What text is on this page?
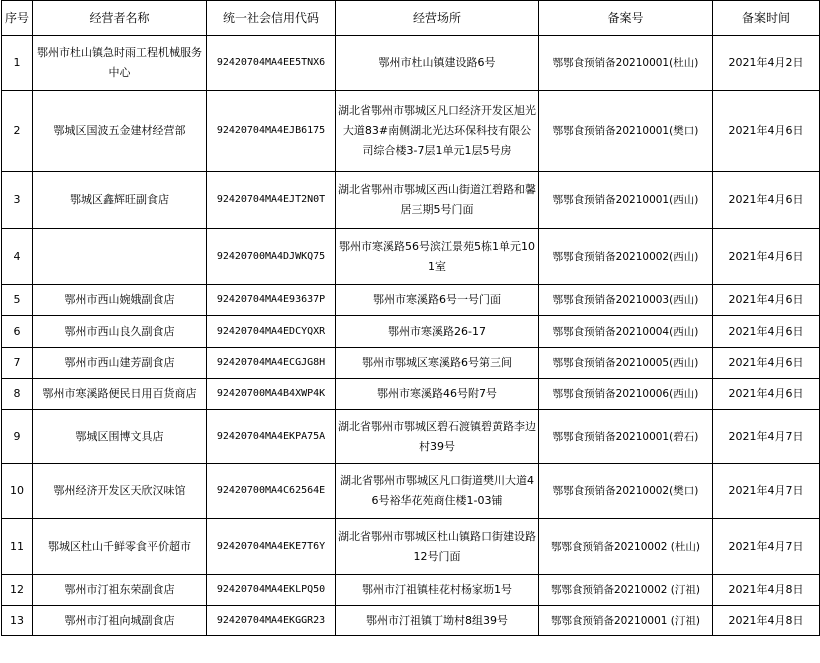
序号	经营者名称	统一社会信用代码	经营场所	备案号	备案时间
1	鄂州市杜山镇急时雨工程机械服务中心	92420704MA4EE5TNX6	鄂州市杜山镇建设路6号	鄂鄂食预销备20210001(杜山)	2021年4月2日
2	鄂城区国波五金建材经营部	92420704MA4EJB6175	湖北省鄂州市鄂城区凡口经济开发区旭光大道83#南侧湖北光达环保科技有限公司综合楼3-7层1单元1层5号房	鄂鄂食预销备20210001(樊口)	2021年4月6日
3	鄂城区鑫辉旺副食店	92420704MA4EJT2N0T	湖北省鄂州市鄂城区西山街道江碧路和馨居三期5号门面	鄂鄂食预销备20210001(西山)	2021年4月6日
4		92420700MA4DJWKQ75	鄂州市寒溪路56号滨江景苑5栋1单元101室	鄂鄂食预销备20210002(西山)	2021年4月6日
5	鄂州市西山婉娥副食店	92420704MA4E93637P	鄂州市寒溪路6号一号门面	鄂鄂食预销备20210003(西山)	2021年4月6日
6	鄂州市西山良久副食店	92420704MA4EDCYQXR	鄂州市寒溪路26-17	鄂鄂食预销备20210004(西山)	2021年4月6日
7	鄂州市西山建芳副食店	92420704MA4ECGJG8H	鄂州市鄂城区寒溪路6号第三间	鄂鄂食预销备20210005(西山)	2021年4月6日
8	鄂州市寒溪路便民日用百货商店	92420700MA4B4XWP4K	鄂州市寒溪路46号附7号	鄂鄂食预销备20210006(西山)	2021年4月6日
9	鄂城区围博文具店	92420704MA4EKPA75A	湖北省鄂州市鄂城区碧石渡镇碧黄路李边村39号	鄂鄂食预销备20210001(碧石)	2021年4月7日
10	鄂州经济开发区天欣汉味馆	92420700MA4C62564E	湖北省鄂州市鄂城区凡口街道樊川大道46号裕华花苑商住楼1-03铺	鄂鄂食预销备20210002(樊口)	2021年4月7日
11	鄂城区杜山千鲜零食平价超市	92420704MA4EKE7T6Y	湖北省鄂州市鄂城区杜山镇路口街建设路12号门面	鄂鄂食预销备20210002 (杜山)	2021年4月7日
12	鄂州市汀祖东荣副食店	92420704MA4EKLPQ50	鄂州市汀祖镇桂花村杨家坜1号	鄂鄂食预销备20210002 (汀祖)	2021年4月8日
13	鄂州市汀祖向城副食店	92420704MA4EKGGR23	鄂州市汀祖镇丁坳村8组39号	鄂鄂食预销备20210001 (汀祖)	2021年4月8日
